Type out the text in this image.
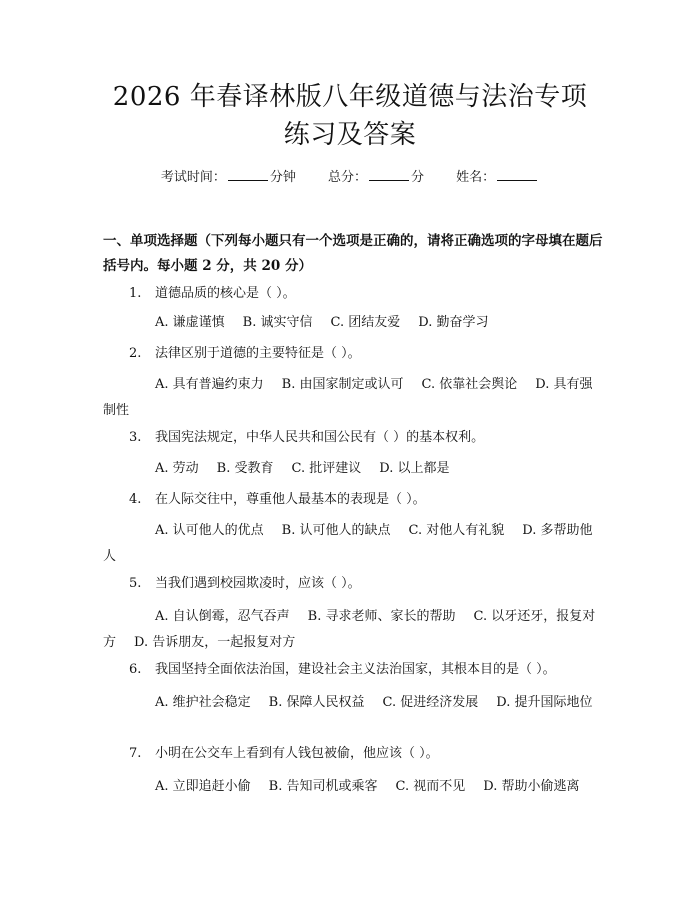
2026 年春译林版八年级道德与法治专项练习及答案
考试时间：	分钟 总分：	分 姓名：
一、单项选择题（下列每小题只有一个选项是正确的，请将正确选项的字母填在题后括号内。每小题 2 分，共 20 分）
1. 道德品质的核心是（ ）。
A. 谦虚谨慎 B. 诚实守信 C. 团结友爱 D. 勤奋学习
2. 法律区别于道德的主要特征是（ ）。
A. 具有普遍约束力 B. 由国家制定或认可 C. 依靠社会舆论 D. 具有强制性
3. 我国宪法规定，中华人民共和国公民有（ ）的基本权利。
A. 劳动 B. 受教育 C. 批评建议 D. 以上都是
4. 在人际交往中，尊重他人最基本的表现是（ ）。
A. 认可他人的优点 B. 认可他人的缺点 C. 对他人有礼貌 D. 多帮助他人
5. 当我们遇到校园欺凌时，应该（ ）。
A. 自认倒霉，忍气吞声 B. 寻求老师、家长的帮助 C. 以牙还牙，报复对方 D. 告诉朋友，一起报复对方
6. 我国坚持全面依法治国，建设社会主义法治国家，其根本目的是（ ）。
A. 维护社会稳定 B. 保障人民权益 C. 促进经济发展 D. 提升国际地位
7. 小明在公交车上看到有人钱包被偷，他应该（ ）。
A. 立即追赶小偷 B. 告知司机或乘客 C. 视而不见 D. 帮助小偷逃离
